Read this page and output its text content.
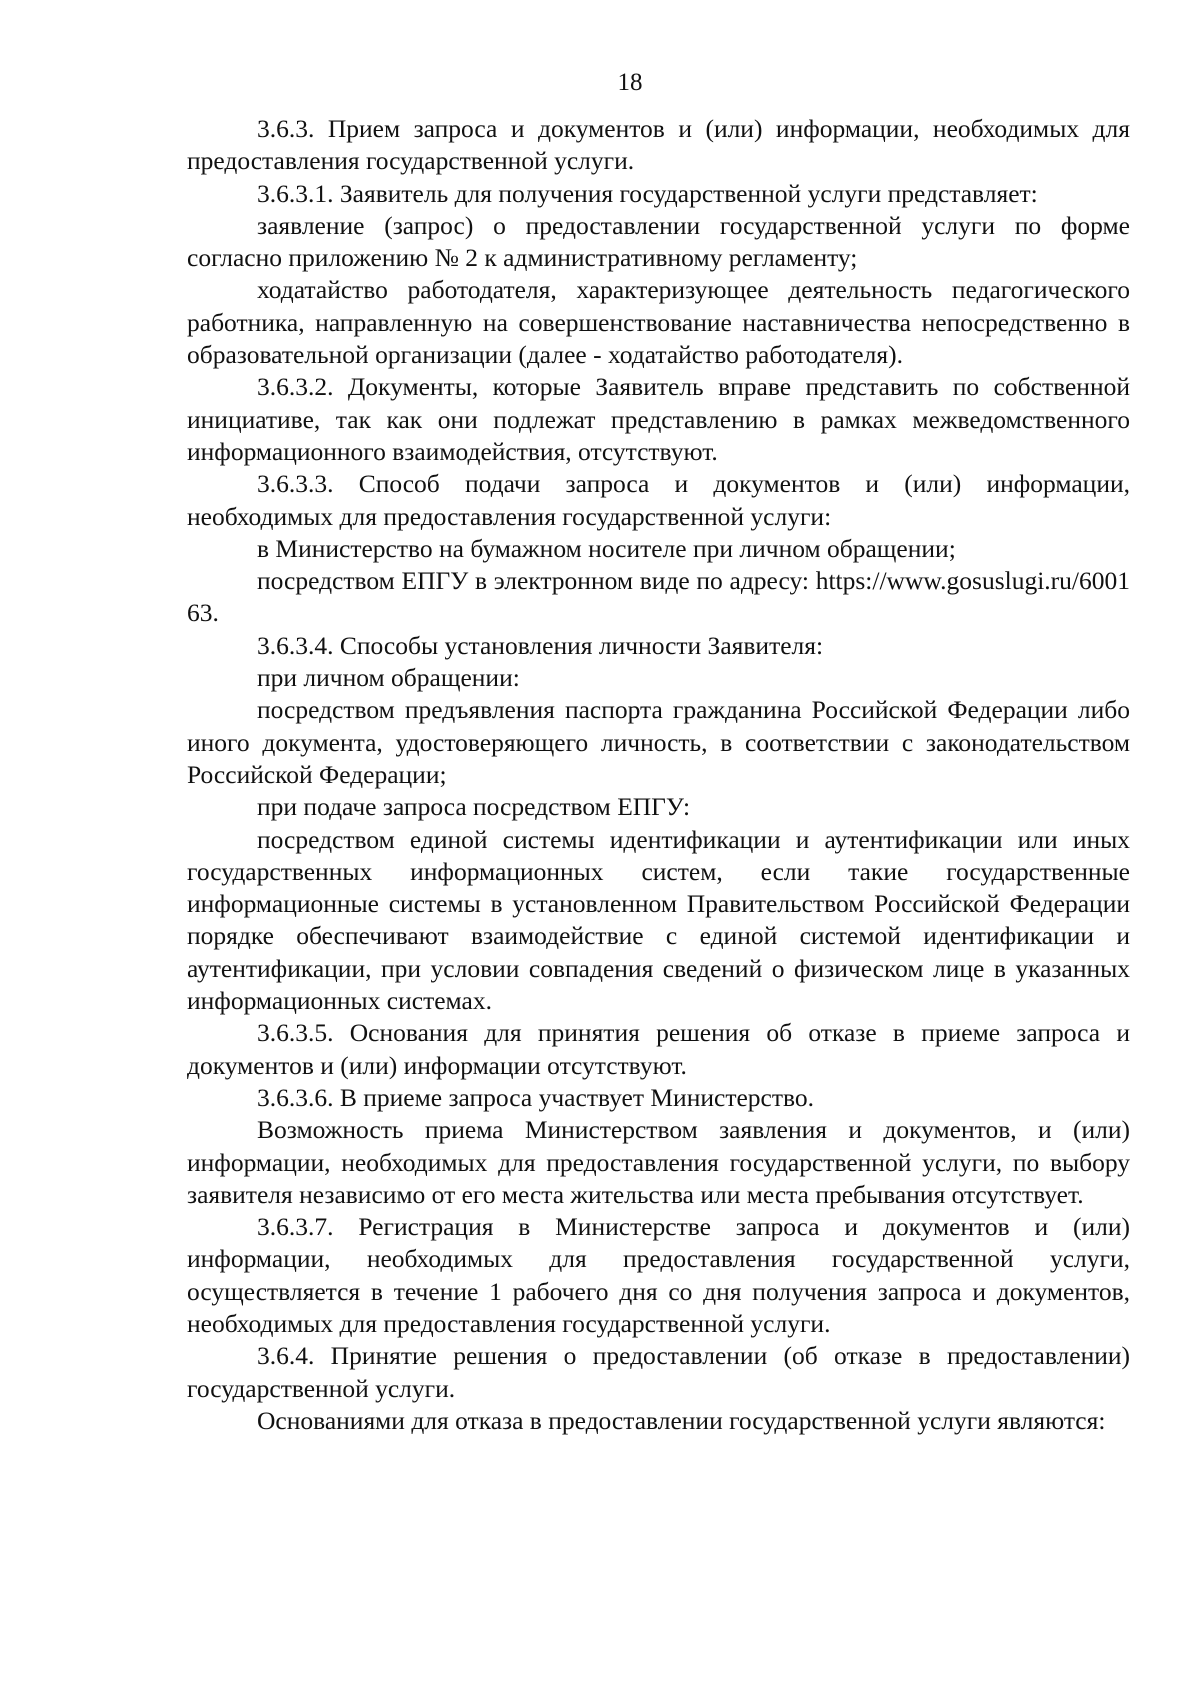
18

3.6.3. Прием запроса и документов и (или) информации, необходимых для предоставления государственной услуги.

3.6.3.1. Заявитель для получения государственной услуги представляет:

заявление (запрос) о предоставлении государственной услуги по форме согласно приложению № 2 к административному регламенту;

ходатайство работодателя, характеризующее деятельность педагогического работника, направленную на совершенствование наставничества непосредственно в образовательной организации (далее - ходатайство работодателя).

3.6.3.2. Документы, которые Заявитель вправе представить по собственной инициативе, так как они подлежат представлению в рамках межведомственного информационного взаимодействия, отсутствуют.

3.6.3.3. Способ подачи запроса и документов и (или) информации, необходимых для предоставления государственной услуги:

в Министерство на бумажном носителе при личном обращении;

посредством ЕПГУ в электронном виде по адресу: https://www.gosuslugi.ru/600163.

3.6.3.4. Способы установления личности Заявителя:

при личном обращении:

посредством предъявления паспорта гражданина Российской Федерации либо иного документа, удостоверяющего личность, в соответствии с законодательством Российской Федерации;

при подаче запроса посредством ЕПГУ:

посредством единой системы идентификации и аутентификации или иных государственных информационных систем, если такие государственные информационные системы в установленном Правительством Российской Федерации порядке обеспечивают взаимодействие с единой системой идентификации и аутентификации, при условии совпадения сведений о физическом лице в указанных информационных системах.

3.6.3.5. Основания для принятия решения об отказе в приеме запроса и документов и (или) информации отсутствуют.

3.6.3.6. В приеме запроса участвует Министерство.

Возможность приема Министерством заявления и документов, и (или) информации, необходимых для предоставления государственной услуги, по выбору заявителя независимо от его места жительства или места пребывания отсутствует.

3.6.3.7. Регистрация в Министерстве запроса и документов и (или) информации, необходимых для предоставления государственной услуги, осуществляется в течение 1 рабочего дня со дня получения запроса и документов, необходимых для предоставления государственной услуги.

3.6.4. Принятие решения о предоставлении (об отказе в предоставлении) государственной услуги.

Основаниями для отказа в предоставлении государственной услуги являются:
